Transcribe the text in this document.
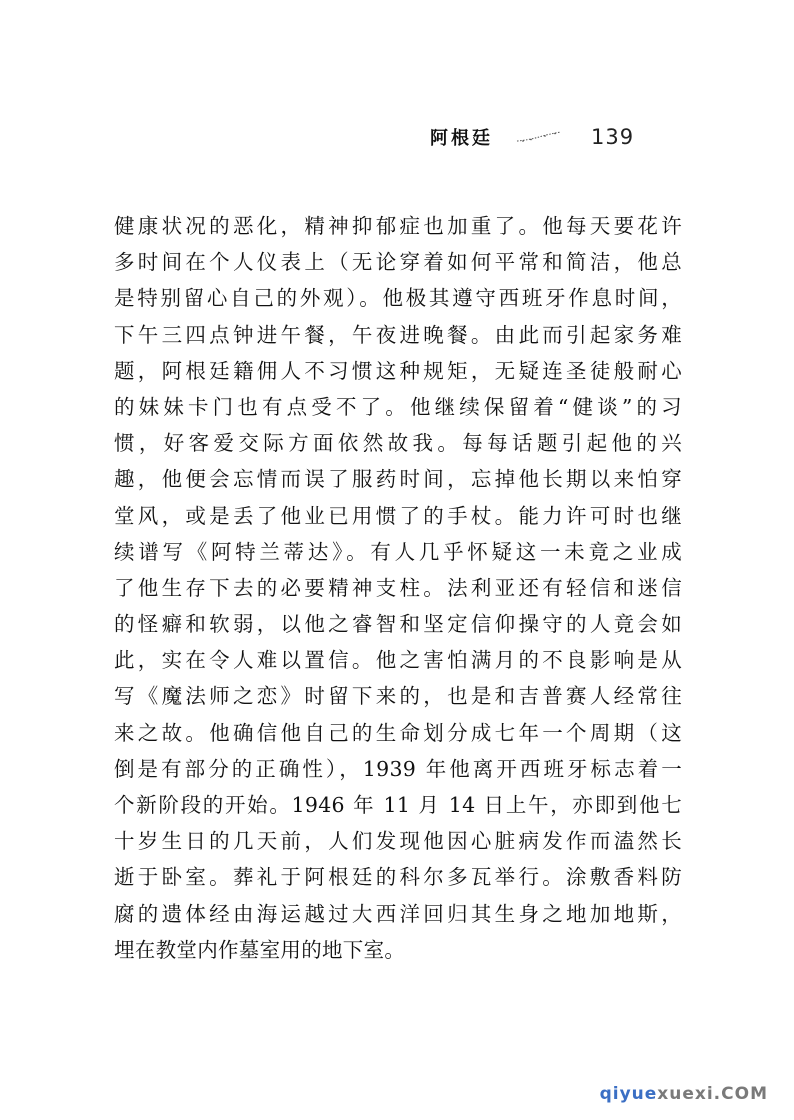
阿根廷	139
健康状况的恶化，精神抑郁症也加重了。他每天要花许
多时间在个人仪表上（无论穿着如何平常和简洁，他总
是特别留心自己的外观）。他极其遵守西班牙作息时间，
下午三四点钟进午餐，午夜进晚餐。由此而引起家务难
题，阿根廷籍佣人不习惯这种规矩，无疑连圣徒般耐心
的妹妹卡门也有点受不了。他继续保留着“健谈”的习
惯，好客爱交际方面依然故我。每每话题引起他的兴
趣，他便会忘情而误了服药时间，忘掉他长期以来怕穿
堂风，或是丢了他业已用惯了的手杖。能力许可时也继
续谱写《阿特兰蒂达》。有人几乎怀疑这一未竟之业成
了他生存下去的必要精神支柱。法利亚还有轻信和迷信
的怪癖和软弱，以他之睿智和坚定信仰操守的人竟会如
此，实在令人难以置信。他之害怕满月的不良影响是从
写《魔法师之恋》时留下来的，也是和吉普赛人经常往
来之故。他确信他自己的生命划分成七年一个周期（这
倒是有部分的正确性），1939 年他离开西班牙标志着一
个新阶段的开始。1946 年 11 月 14 日上午，亦即到他七
十岁生日的几天前，人们发现他因心脏病发作而溘然长
逝于卧室。葬礼于阿根廷的科尔多瓦举行。涂敷香料防
腐的遗体经由海运越过大西洋回归其生身之地加地斯，
埋在教堂内作墓室用的地下室。
qiyuexuexi.COM
